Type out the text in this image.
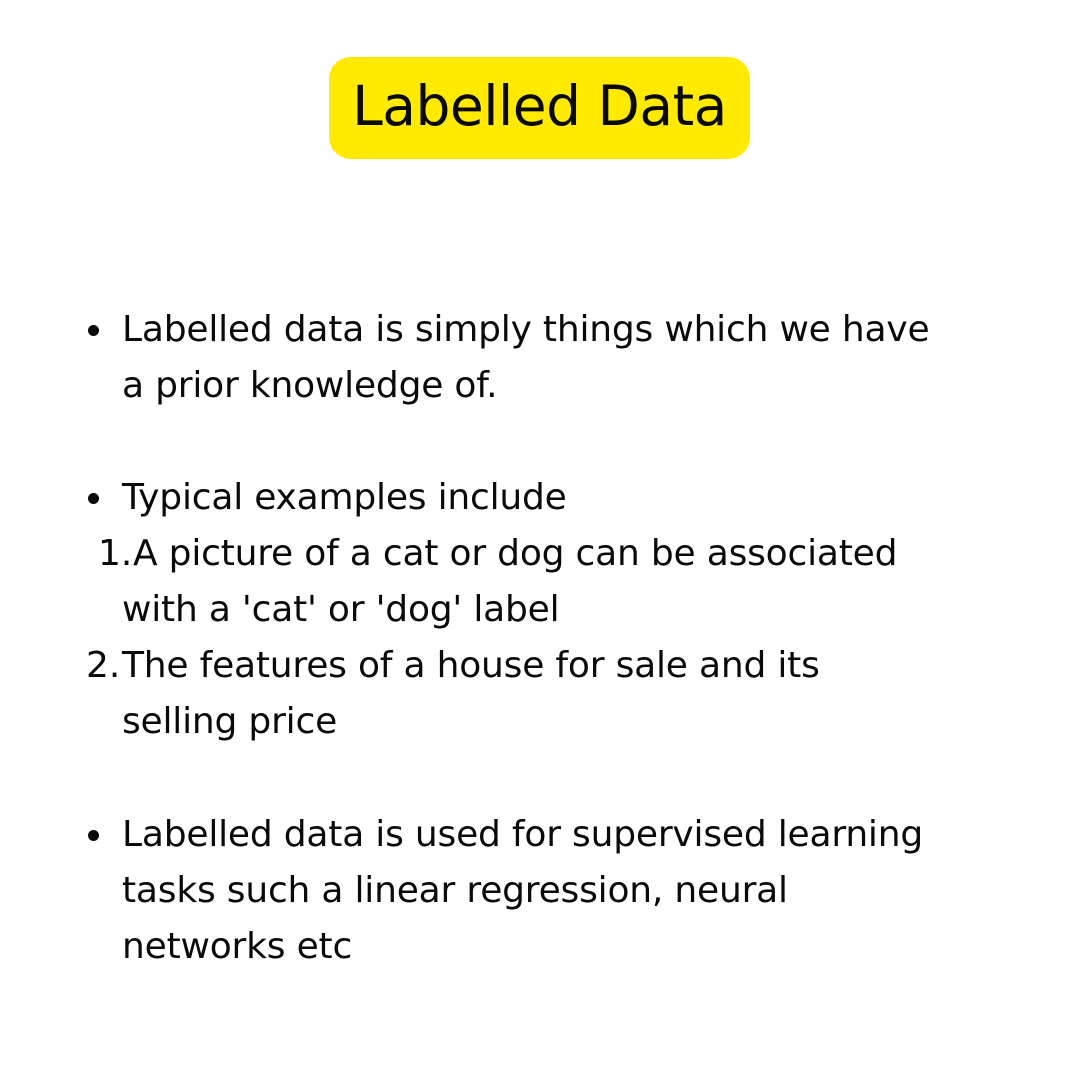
Labelled Data
Labelled data is simply things which we have
a prior knowledge of.
Typical examples include
1. A picture of a cat or dog can be associated
with a 'cat' or 'dog' label
2. The features of a house for sale and its
selling price
Labelled data is used for supervised learning
tasks such a linear regression, neural
networks etc
